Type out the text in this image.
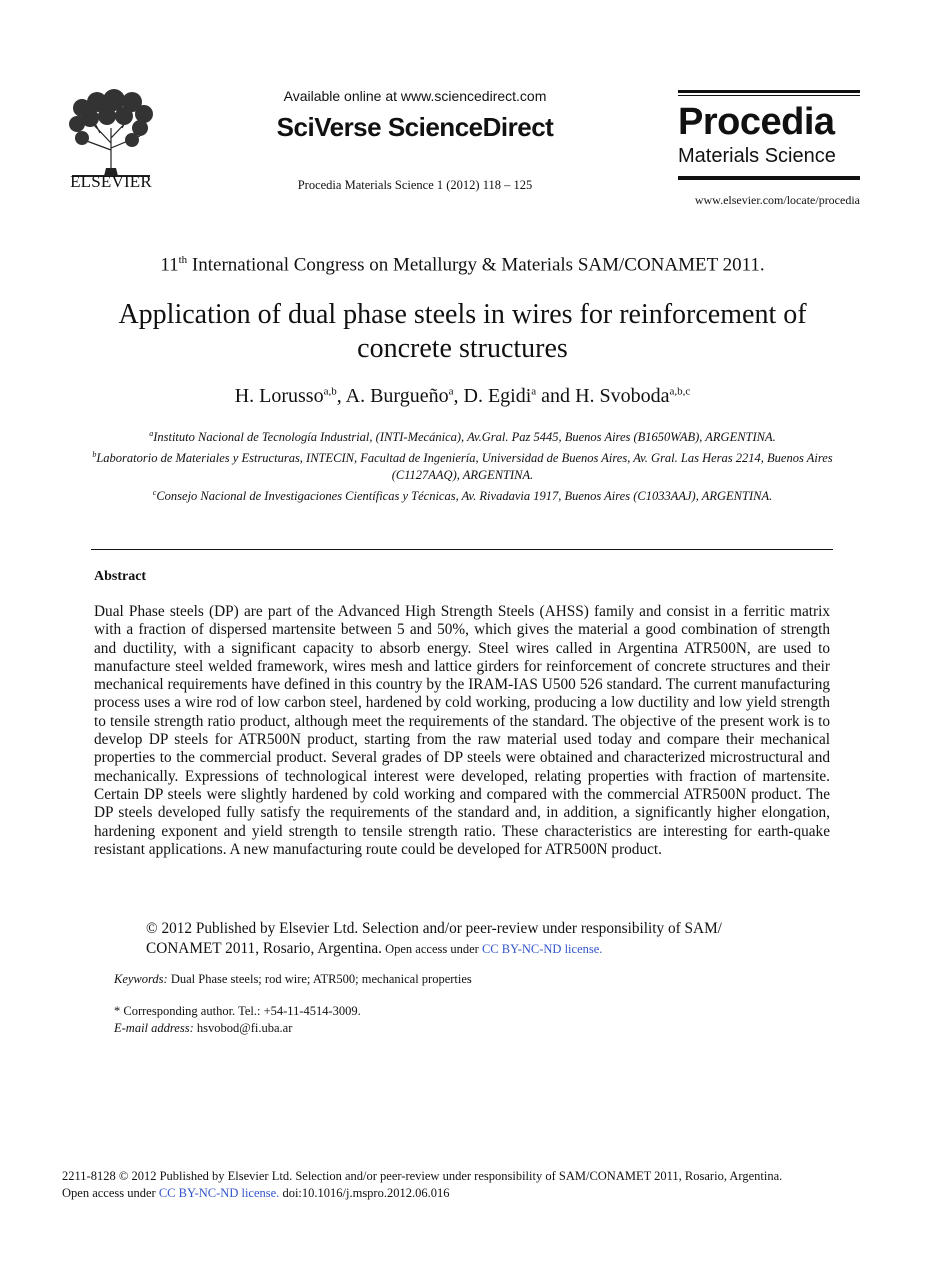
ELSEVIER
Available online at www.sciencedirect.com
SciVerse ScienceDirect
Procedia Materials Science 1 (2012) 118 – 125
Procedia
Materials Science
www.elsevier.com/locate/procedia
11th International Congress on Metallurgy & Materials SAM/CONAMET 2011.
Application of dual phase steels in wires for reinforcement of concrete structures
H. Lorusso$^{a,b}$, A. Burgueño$^a$, D. Egidi$^a$ and H. Svoboda$^{a,b,c}$
$^a$Instituto Nacional de Tecnología Industrial, (INTI-Mecánica), Av.Gral. Paz 5445, Buenos Aires (B1650WAB), ARGENTINA.
$^b$Laboratorio de Materiales y Estructuras, INTECIN, Facultad de Ingeniería, Universidad de Buenos Aires, Av. Gral. Las Heras 2214, Buenos Aires (C1127AAQ), ARGENTINA.
$^c$Consejo Nacional de Investigaciones Científicas y Técnicas, Av. Rivadavia 1917, Buenos Aires (C1033AAJ), ARGENTINA.
Abstract
Dual Phase steels (DP) are part of the Advanced High Strength Steels (AHSS) family and consist in a ferritic matrix with a fraction of dispersed martensite between 5 and 50%, which gives the material a good combination of strength and ductility, with a significant capacity to absorb energy. Steel wires called in Argentina ATR500N, are used to manufacture steel welded framework, wires mesh and lattice girders for reinforcement of concrete structures and their mechanical requirements have defined in this country by the IRAM-IAS U500 526 standard. The current manufacturing process uses a wire rod of low carbon steel, hardened by cold working, producing a low ductility and low yield strength to tensile strength ratio product, although meet the requirements of the standard. The objective of the present work is to develop DP steels for ATR500N product, starting from the raw material used today and compare their mechanical properties to the commercial product. Several grades of DP steels were obtained and characterized microstructural and mechanically. Expressions of technological interest were developed, relating properties with fraction of martensite. Certain DP steels were slightly hardened by cold working and compared with the commercial ATR500N product. The DP steels developed fully satisfy the requirements of the standard and, in addition, a significantly higher elongation, hardening exponent and yield strength to tensile strength ratio. These characteristics are interesting for earth-quake resistant applications. A new manufacturing route could be developed for ATR500N product.
© 2012 Published by Elsevier Ltd. Selection and/or peer-review under responsibility of SAM/ CONAMET 2011, Rosario, Argentina. Open access under CC BY-NC-ND license.
Keywords: Dual Phase steels; rod wire; ATR500; mechanical properties
* Corresponding author. Tel.: +54-11-4514-3009.
E-mail address: hsvobod@fi.uba.ar
2211-8128 © 2012 Published by Elsevier Ltd. Selection and/or peer-review under responsibility of SAM/CONAMET 2011, Rosario, Argentina.
Open access under CC BY-NC-ND license. doi:10.1016/j.mspro.2012.06.016
